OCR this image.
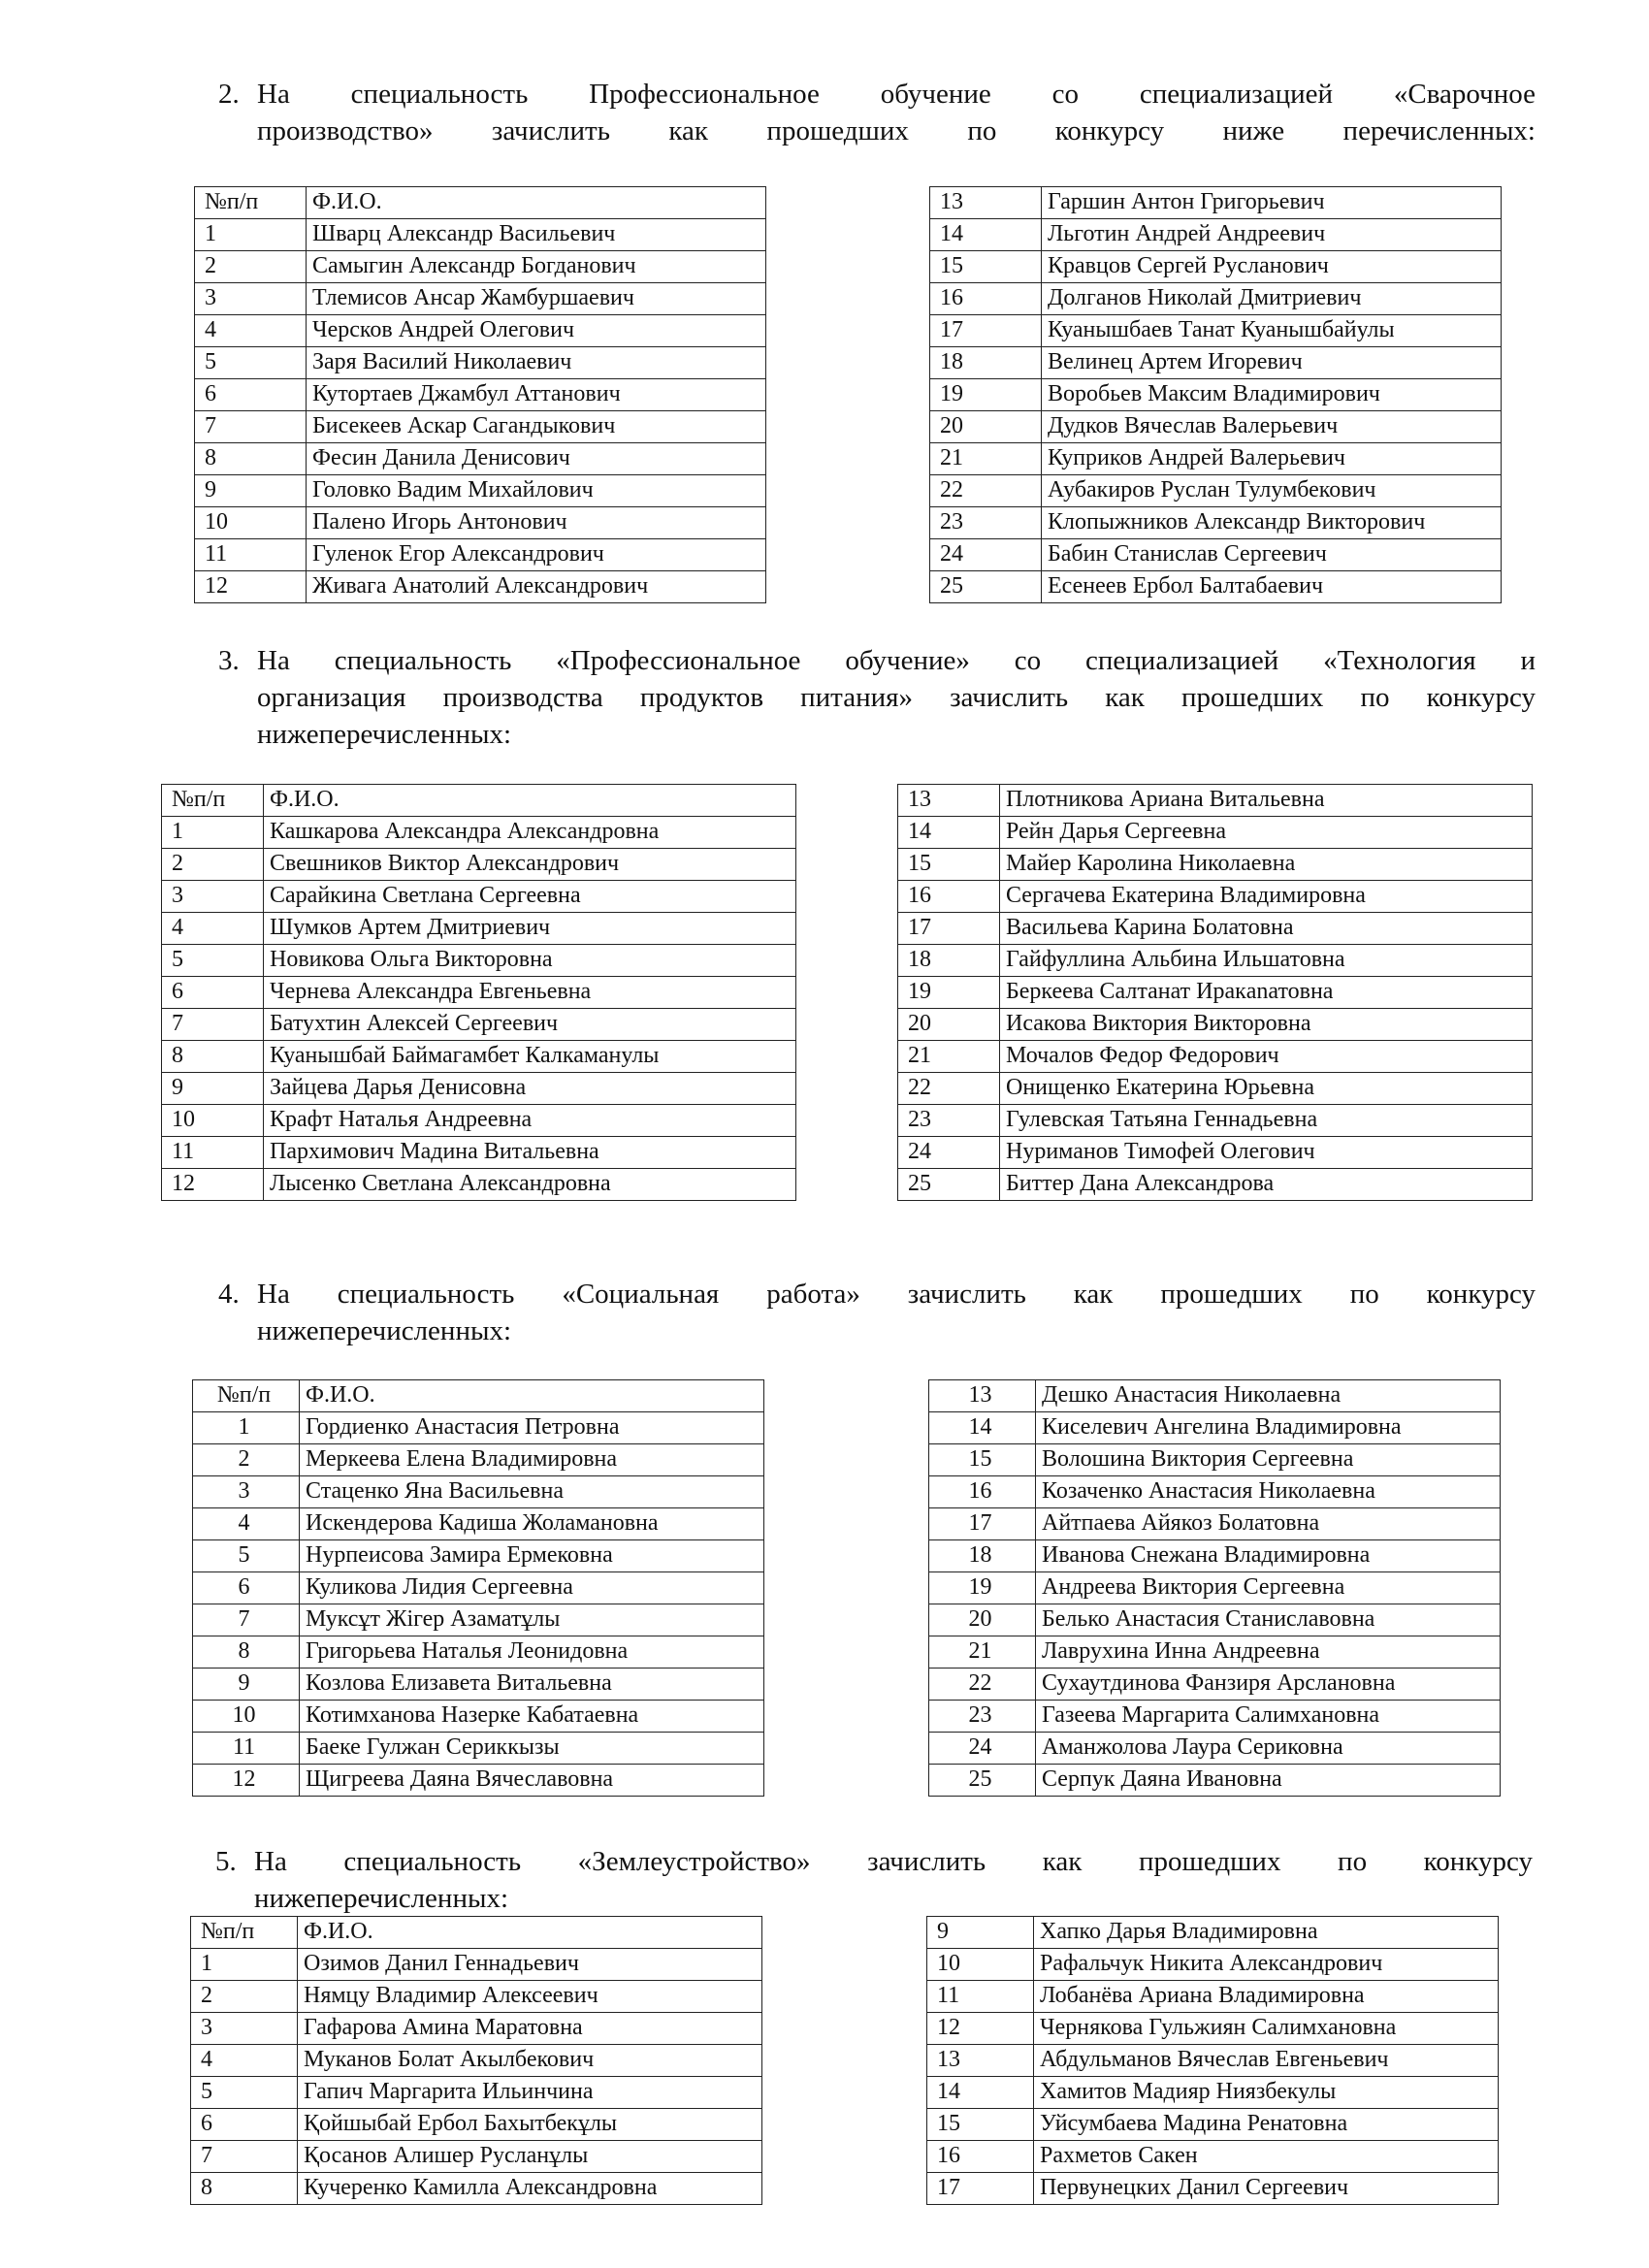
2. На специальность Профессиональное обучение со специализацией «Сварочное
производство» зачислить как прошедших по конкурсу ниже перечисленных:
№п/п	Ф.И.О.
1	Шварц Александр Васильевич
2	Самыгин Александр Богданович
3	Тлемисов Ансар Жамбуршаевич
4	Черсков Андрей Олегович
5	Заря Василий Николаевич
6	Кутортаев Джамбул Аттанович
7	Бисекеев Аскар Сагандыкович
8	Фесин Данила Денисович
9	Головко Вадим Михайлович
10	Палено Игорь Антонович
11	Гуленок Егор Александрович
12	Живага Анатолий Александрович
13	Гаршин Антон Григорьевич
14	Льготин Андрей Андреевич
15	Кравцов Сергей Русланович
16	Долганов Николай Дмитриевич
17	Куанышбаев Танат Куанышбайулы
18	Велинец Артем Игоревич
19	Воробьев Максим Владимирович
20	Дудков Вячеслав Валерьевич
21	Куприков Андрей Валерьевич
22	Аубакиров Руслан Тулумбекович
23	Клопыжников Александр Викторович
24	Бабин Станислав Сергеевич
25	Есенеев Ербол Балтабаевич
3. На специальность «Профессиональное обучение» со специализацией «Технология и
организация производства продуктов питания» зачислить как прошедших по конкурсу
нижеперечисленных:
№п/п	Ф.И.О.
1	Кашкарова Александра Александровна
2	Свешников Виктор Александрович
3	Сарайкина Светлана Сергеевна
4	Шумков Артем Дмитриевич
5	Новикова Ольга Викторовна
6	Чернева Александра Евгеньевна
7	Батухтин Алексей Сергеевич
8	Куанышбай Баймагамбет Калкаманулы
9	Зайцева Дарья Денисовна
10	Крафт Наталья Андреевна
11	Пархимович Мадина Витальевна
12	Лысенко Светлана Александровна
13	Плотникова Ариана Витальевна
14	Рейн Дарья Сергеевна
15	Майер Каролина Николаевна
16	Сергачева Екатерина Владимировна
17	Васильева Карина Болатовна
18	Гайфуллина Альбина Ильшатовна
19	Беркеева Салтанат Иракanатовна
20	Исакова Виктория Викторовна
21	Мочалов Федор Федорович
22	Онищенко Екатерина Юрьевна
23	Гулевская Татьяна Геннадьевна
24	Нуриманов Тимофей Олегович
25	Биттер Дана Александрова
4. На специальность «Социальная работа» зачислить как прошедших по конкурсу
нижеперечисленных:
№п/п	Ф.И.О.
1	Гордиенко Анастасия Петровна
2	Меркеева Елена Владимировна
3	Стаценко Яна Васильевна
4	Искендерова Кадиша Жоламановна
5	Нурпеисова Замира Ермековна
6	Куликова Лидия Сергеевна
7	Муксұт Жігер Азаматұлы
8	Григорьева Наталья Леонидовна
9	Козлова Елизавета Витальевна
10	Котимханова Назерке Кабатаевна
11	Баеке Гулжан Сериккызы
12	Щигреева Даяна Вячеславовна
13	Дешко Анастасия Николаевна
14	Киселевич Ангелина Владимировна
15	Волошина Виктория Сергеевна
16	Козаченко Анастасия Николаевна
17	Айтпаева Айякоз Болатовна
18	Иванова Снежана Владимировна
19	Андреева Виктория Сергеевна
20	Белько Анастасия Станиславовна
21	Лаврухина Инна Андреевна
22	Сухаутдинова Фанзиря Арслановна
23	Газеева Маргарита Салимхановна
24	Аманжолова Лаура Сериковна
25	Серпук Даяна Ивановна
5. На специальность «Землеустройство» зачислить как прошедших по конкурсу
нижеперечисленных:
№п/п	Ф.И.О.
1	Озимов Данил Геннадьевич
2	Нямцу Владимир Алексеевич
3	Гафарова Амина Маратовна
4	Муканов Болат Акылбекович
5	Гапич Маргарита Ильинчина
6	Қойшыбай Ербол Бахытбекұлы
7	Қосанов Алишер Русланұлы
8	Кучеренко Камилла Александровна
9	Хапко Дарья Владимировна
10	Рафальчук Никита Александрович
11	Лобанёва Ариана Владимировна
12	Чернякова Гульжиян Салимхановна
13	Абдульманов Вячеслав Евгеньевич
14	Хамитов Мадияр Ниязбекулы
15	Уйсумбаева Мадина Ренатовна
16	Рахметов Сакен
17	Первунецких Данил Сергеевич
